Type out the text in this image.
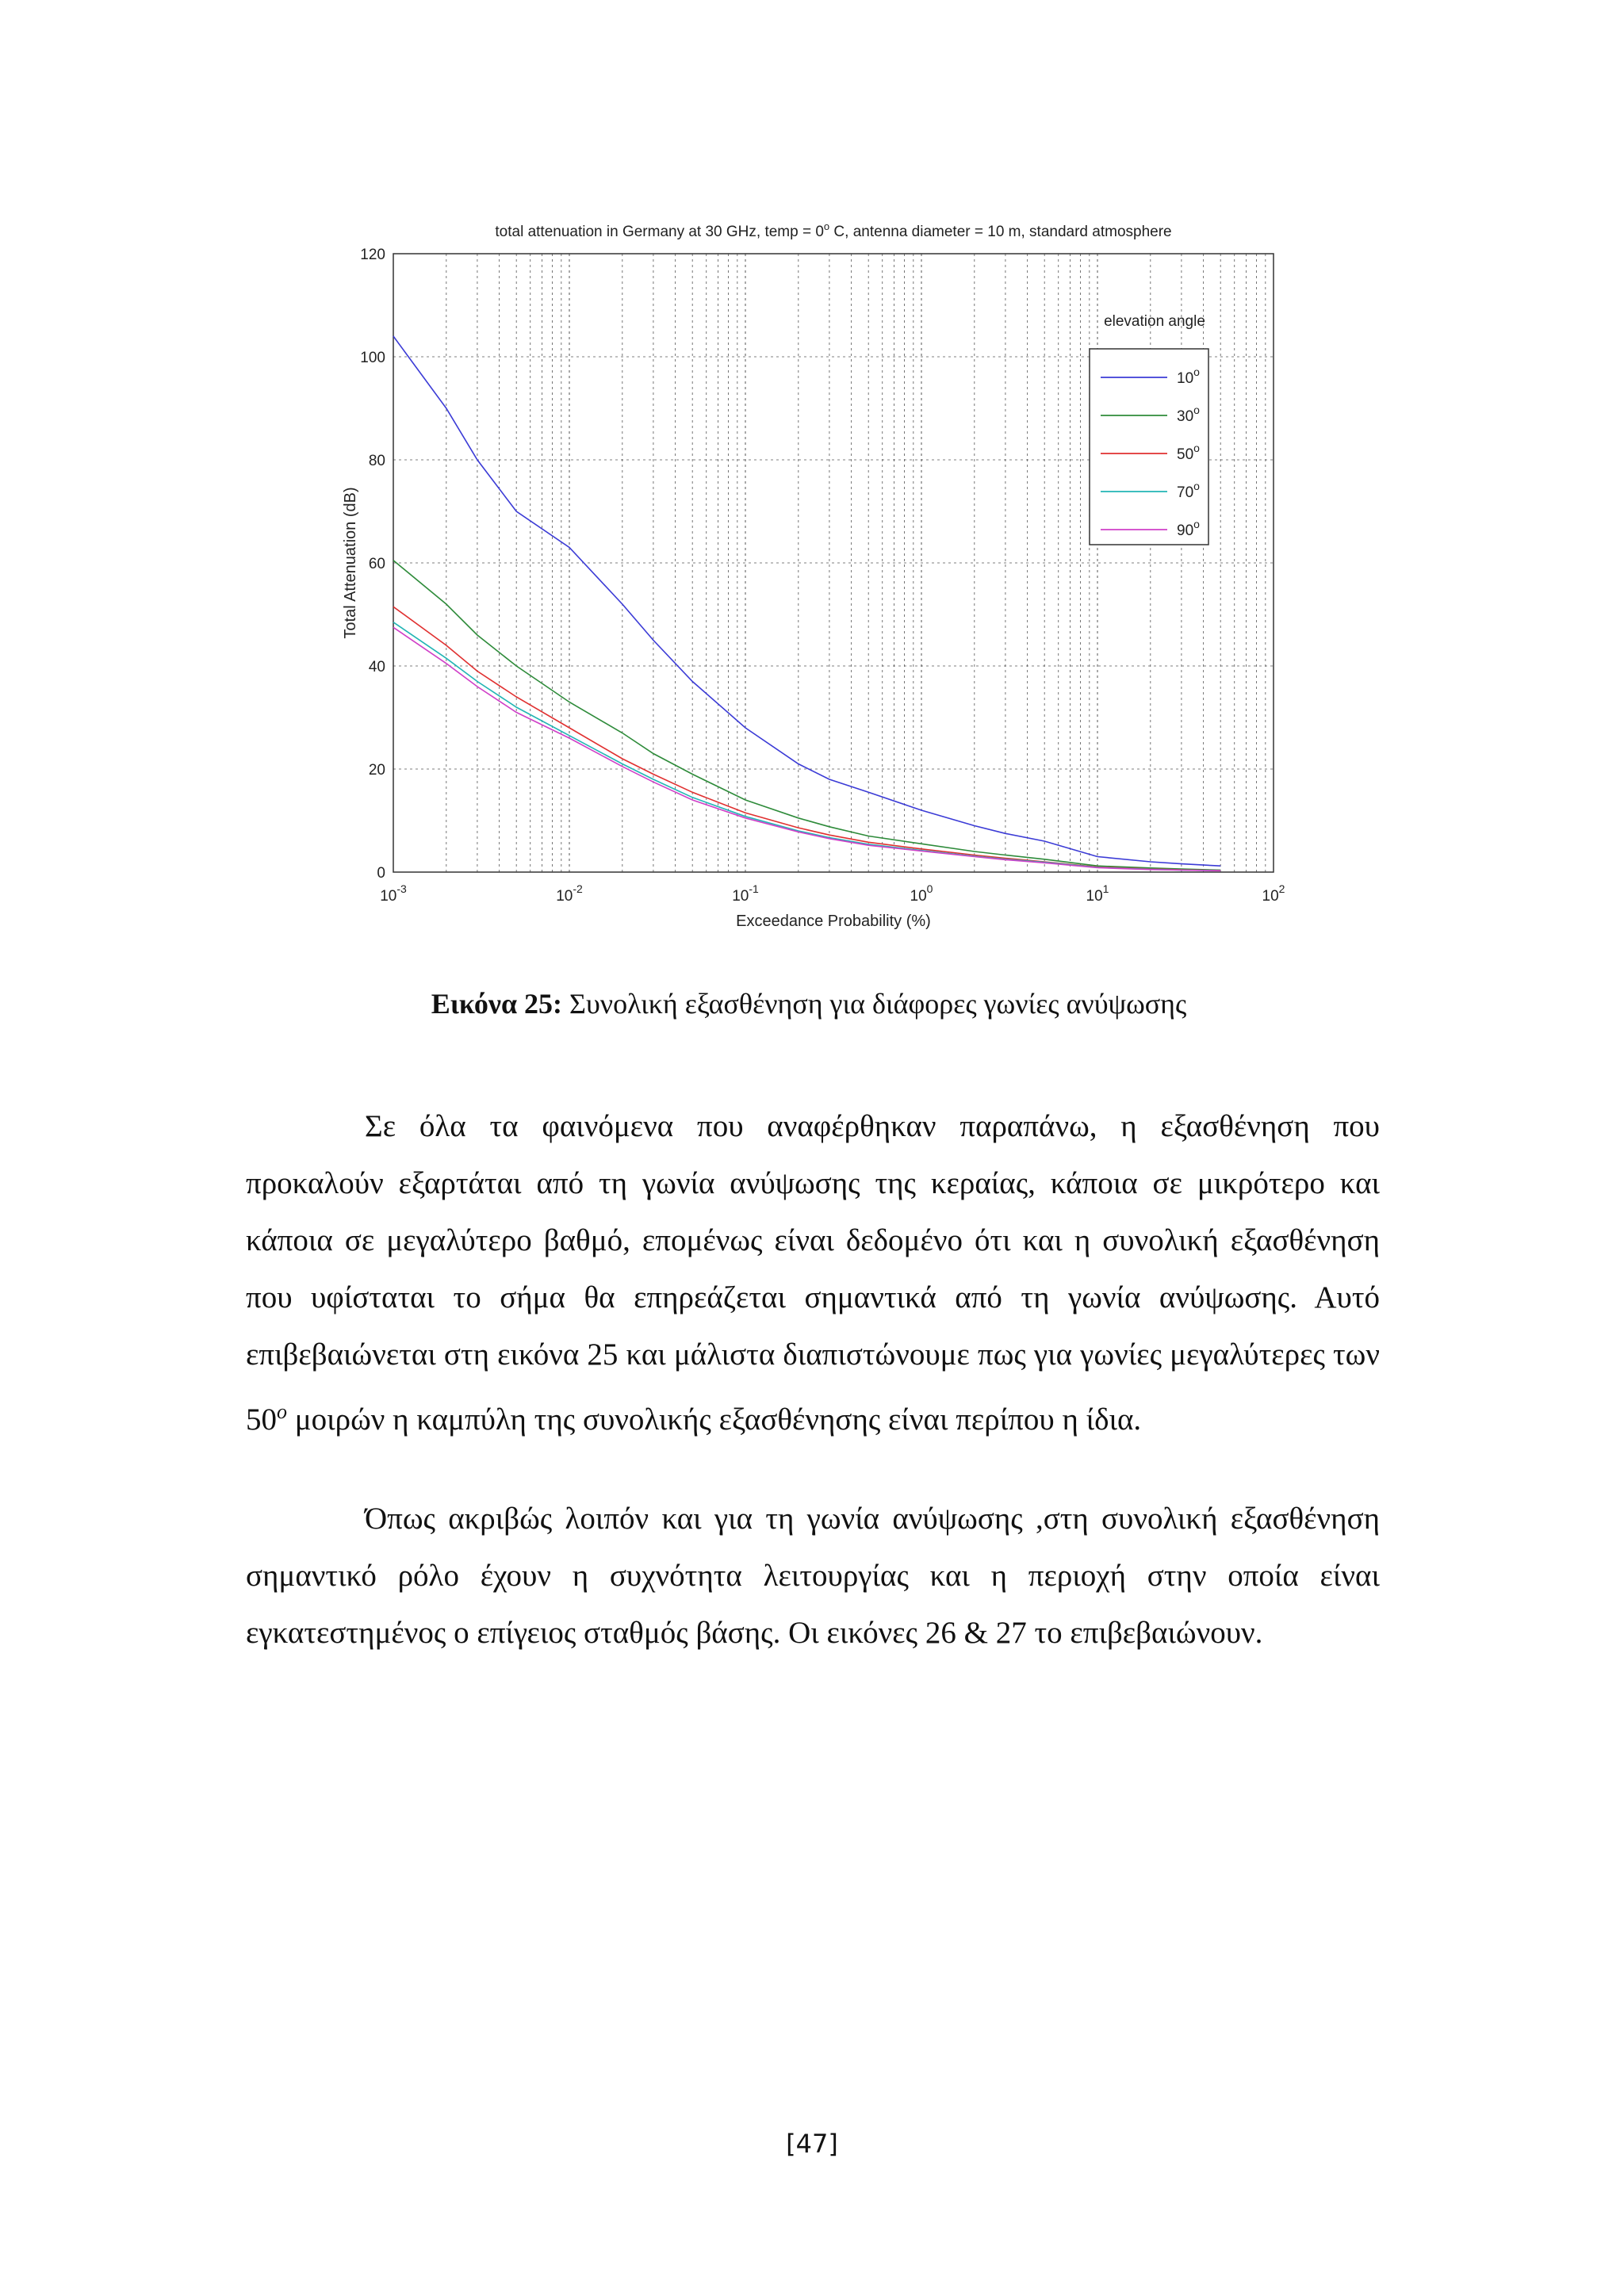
total attenuation in Germany at 30 GHz, temp = $0^o$ C, antenna diameter = 10 m, standard atmosphere
0
20
40
60
80
100
120
$10^{-3}$	$10^{-2}$	$10^{-1}$	$10^0$	$10^1$	$10^2$
Exceedance Probability (%)
Total Attenuation (dB)
elevation angle
10$^o$
30$^o$
50$^o$
70$^o$
90$^o$
Εικόνα 25: Συνολική εξασθένηση για διάφορες γωνίες ανύψωσης
Σε όλα τα φαινόμενα που αναφέρθηκαν παραπάνω, η εξασθένηση που προκαλούν εξαρτάται από τη γωνία ανύψωσης της κεραίας, κάποια σε μικρότερο και κάποια σε μεγαλύτερο βαθμό, επομένως είναι δεδομένο ότι και η συνολική εξασθένηση που υφίσταται το σήμα θα επηρεάζεται σημαντικά από τη γωνία ανύψωσης. Αυτό επιβεβαιώνεται στη εικόνα 25 και μάλιστα διαπιστώνουμε πως για γωνίες μεγαλύτερες των 50$^o$ μοιρών η καμπύλη της συνολικής εξασθένησης είναι περίπου η ίδια.
Όπως ακριβώς λοιπόν και για τη γωνία ανύψωσης ,στη συνολική εξασθένηση σημαντικό ρόλο έχουν η συχνότητα λειτουργίας και η περιοχή στην οποία είναι εγκατεστημένος ο επίγειος σταθμός βάσης. Οι εικόνες 26 & 27 το επιβεβαιώνουν.
[47]
